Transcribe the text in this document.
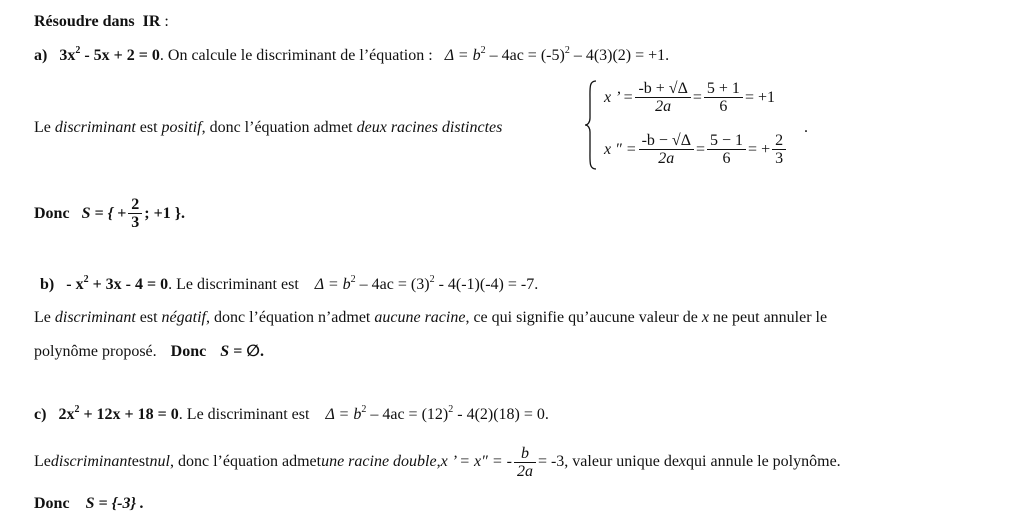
Résoudre dans IR :
a) $3x^2 - 5x + 2 = 0$. On calcule le discriminant de l’équation : $\Delta = b^2 - 4ac = (-5)^2 - 4(3)(2) = +1$.
Le discriminant est positif, donc l’équation admet deux racines distinctes
x ’ = $\frac{-b + √\Delta}{2a} = \frac{5 + 1}{6} = +1$
x ″ = $\frac{-b - √\Delta}{2a} = \frac{5 - 1}{6}$ = + $\frac{2}{3}$
.
Donc S = { + $\frac{2}{3}$ ; +1 }.
$b) - x^2 + 3x - 4 = 0$. Le discriminant est $\Delta = b^2 - 4ac = (3)^2 - 4(-1)(-4) = -7$.
Le discriminant est négatif, donc l’équation n’admet aucune racine, ce qui signifie qu’aucune valeur de x ne peut annuler le
polynôme proposé. Donc S = ∅.
c) $2x^2 + 12x + 18 = 0$. Le discriminant est $\Delta = b^2 - 4ac = (12)^2 - 4(2)(18) = 0$.
Le discriminant est nul , donc l’équation admet une racine double , x ’ = x″ = - $\frac{b}{2a} = -3$ , valeur unique de x qui annule le polynôme.
Donc S = {-3} .
